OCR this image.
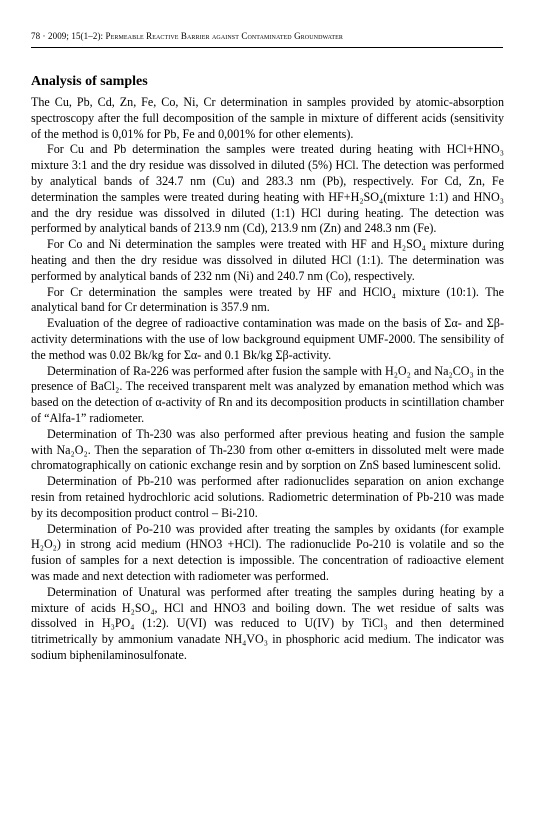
78 · 2009; 15(1–2): Permeable Reactive Barrier against Contaminated Groundwater
Analysis of samples

The Cu, Pb, Cd, Zn, Fe, Co, Ni, Cr determination in samples provided by atomic-absorption spectroscopy after the full decomposition of the sample in mixture of different acids (sensitivity of the method is 0,01% for Pb, Fe and 0,001% for other elements).

For Cu and Pb determination the samples were treated during heating with HCl+HNO₃ mixture 3:1 and the dry residue was dissolved in diluted (5%) HCl. The detection was performed by analytical bands of 324.7 nm (Cu) and 283.3 nm (Pb), respectively. For Cd, Zn, Fe determination the samples were treated during heating with HF+H₂SO₄(mixture 1:1) and HNO₃ and the dry residue was dissolved in diluted (1:1) HCl during heating. The detection was performed by analytical bands of 213.9 nm (Cd), 213.9 nm (Zn) and 248.3 nm (Fe).

For Co and Ni determination the samples were treated with HF and H₂SO₄ mixture during heating and then the dry residue was dissolved in diluted HCl (1:1). The determination was performed by analytical bands of 232 nm (Ni) and 240.7 nm (Co), respectively.

For Cr determination the samples were treated by HF and HClO₄ mixture (10:1). The analytical band for Cr determination is 357.9 nm.

Evaluation of the degree of radioactive contamination was made on the basis of Σα- and Σβ-activity determinations with the use of low background equipment UMF-2000. The sensibility of the method was 0.02 Bk/kg for Σα- and 0.1 Bk/kg Σβ-activity.

Determination of Ra-226 was performed after fusion the sample with H₂O₂ and Na₂CO₃ in the presence of BaCl₂. The received transparent melt was analyzed by emanation method which was based on the detection of α-activity of Rn and its decomposition products in scintillation chamber of “Alfa-1” radiometer.

Determination of Th-230 was also performed after previous heating and fusion the sample with Na₂O₂. Then the separation of Th-230 from other α-emitters in dissoluted melt were made chromatographically on cationic exchange resin and by sorption on ZnS based luminescent solid.

Determination of Pb-210 was performed after radionuclides separation on anion exchange resin from retained hydrochloric acid solutions. Radiometric determination of Pb-210 was made by its decomposition product control – Bi-210.

Determination of Po-210 was provided after treating the samples by oxidants (for example H₂O₂) in strong acid medium (HNO3 +HCl). The radionuclide Po-210 is volatile and so the fusion of samples for a next detection is impossible. The concentration of radioactive element was made and next detection with radiometer was performed.

Determination of Unatural was performed after treating the samples during heating by a mixture of acids H₂SO₄, HCl and HNO3 and boiling down. The wet residue of salts was dissolved in H₃PO₄ (1:2). U(VI) was reduced to U(IV) by TiCl₃ and then determined titrimetrically by ammonium vanadate NH₄VO₃ in phosphoric acid medium. The indicator was sodium biphenilaminosulfonate.
